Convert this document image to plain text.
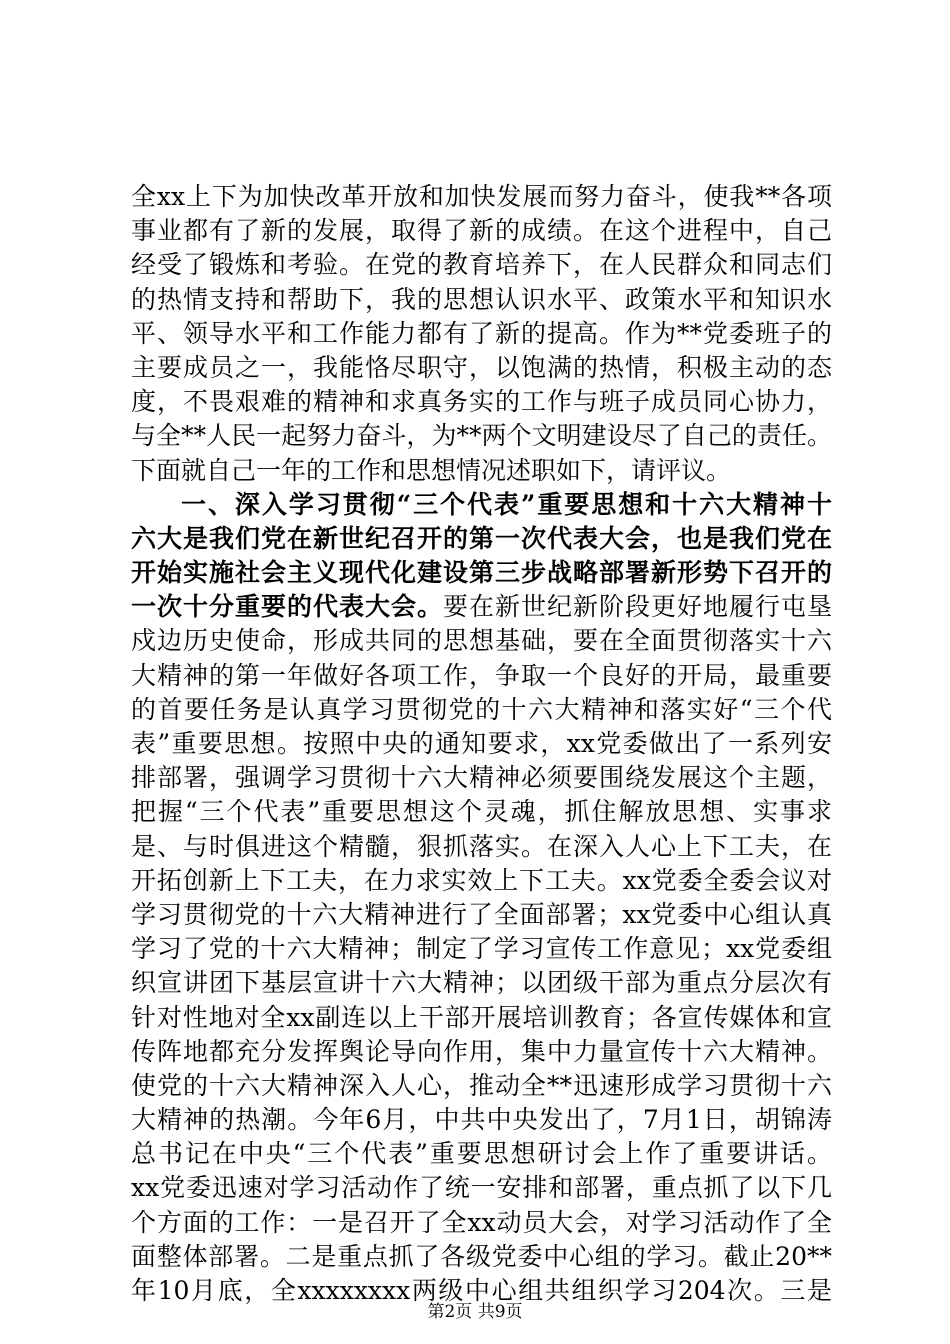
全xx上下为加快改革开放和加快发展而努力奋斗，使我**各项
事业都有了新的发展，取得了新的成绩。在这个进程中，自己
经受了锻炼和考验。在党的教育培养下，在人民群众和同志们
的热情支持和帮助下，我的思想认识水平、政策水平和知识水
平、领导水平和工作能力都有了新的提高。作为**党委班子的
主要成员之一，我能恪尽职守，以饱满的热情，积极主动的态
度，不畏艰难的精神和求真务实的工作与班子成员同心协力，
与全**人民一起努力奋斗，为**两个文明建设尽了自己的责任。
下面就自己一年的工作和思想情况述职如下，请评议。
一、深入学习贯彻“三个代表”重要思想和十六大精神十
六大是我们党在新世纪召开的第一次代表大会，也是我们党在
开始实施社会主义现代化建设第三步战略部署新形势下召开的
一次十分重要的代表大会。要在新世纪新阶段更好地履行屯垦
戍边历史使命，形成共同的思想基础，要在全面贯彻落实十六
大精神的第一年做好各项工作，争取一个良好的开局，最重要
的首要任务是认真学习贯彻党的十六大精神和落实好“三个代
表”重要思想。按照中央的通知要求，xx党委做出了一系列安
排部署，强调学习贯彻十六大精神必须要围绕发展这个主题，
把握“三个代表”重要思想这个灵魂，抓住解放思想、实事求
是、与时俱进这个精髓，狠抓落实。在深入人心上下工夫，在
开拓创新上下工夫，在力求实效上下工夫。xx党委全委会议对
学习贯彻党的十六大精神进行了全面部署；xx党委中心组认真
学习了党的十六大精神；制定了学习宣传工作意见；xx党委组
织宣讲团下基层宣讲十六大精神；以团级干部为重点分层次有
针对性地对全xx副连以上干部开展培训教育；各宣传媒体和宣
传阵地都充分发挥舆论导向作用，集中力量宣传十六大精神。
使党的十六大精神深入人心，推动全**迅速形成学习贯彻十六
大精神的热潮。今年6月，中共中央发出了，7月1日，胡锦涛
总书记在中央“三个代表”重要思想研讨会上作了重要讲话。
xx党委迅速对学习活动作了统一安排和部署，重点抓了以下几
个方面的工作：一是召开了全xx动员大会，对学习活动作了全
面整体部署。二是重点抓了各级党委中心组的学习。截止20**
年10月底，全xxxxxxxx两级中心组共组织学习204次。三是
第2页 共9页
